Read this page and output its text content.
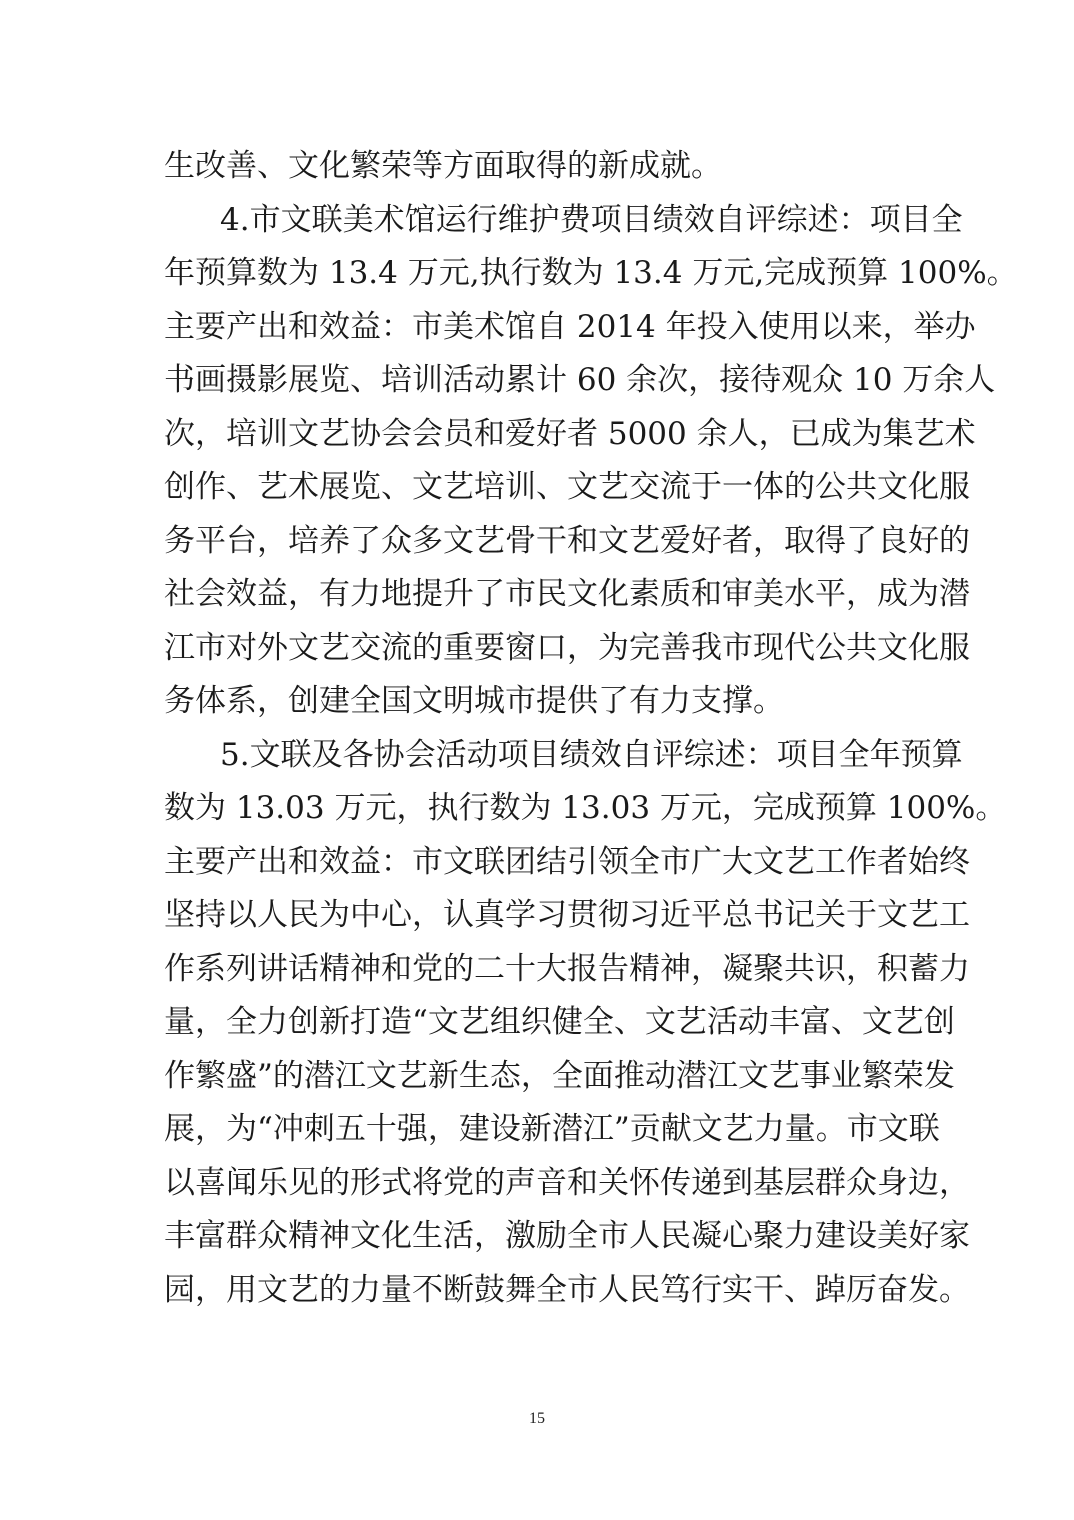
生改善、文化繁荣等方面取得的新成就。
4.市文联美术馆运行维护费项目绩效自评综述：项目全
年预算数为 13.4 万元,执行数为 13.4 万元,完成预算 100%。
主要产出和效益：市美术馆自 2014 年投入使用以来，举办
书画摄影展览、培训活动累计 60 余次，接待观众 10 万余人
次，培训文艺协会会员和爱好者 5000 余人，已成为集艺术
创作、艺术展览、文艺培训、文艺交流于一体的公共文化服
务平台，培养了众多文艺骨干和文艺爱好者，取得了良好的
社会效益，有力地提升了市民文化素质和审美水平，成为潜
江市对外文艺交流的重要窗口，为完善我市现代公共文化服
务体系，创建全国文明城市提供了有力支撑。
5.文联及各协会活动项目绩效自评综述：项目全年预算
数为 13.03 万元，执行数为 13.03 万元，完成预算 100%。
主要产出和效益：市文联团结引领全市广大文艺工作者始终
坚持以人民为中心，认真学习贯彻习近平总书记关于文艺工
作系列讲话精神和党的二十大报告精神，凝聚共识，积蓄力
量，全力创新打造“文艺组织健全、文艺活动丰富、文艺创
作繁盛”的潜江文艺新生态，全面推动潜江文艺事业繁荣发
展，为“冲刺五十强，建设新潜江”贡献文艺力量。市文联
以喜闻乐见的形式将党的声音和关怀传递到基层群众身边，
丰富群众精神文化生活，激励全市人民凝心聚力建设美好家
园，用文艺的力量不断鼓舞全市人民笃行实干、踔厉奋发。
15
